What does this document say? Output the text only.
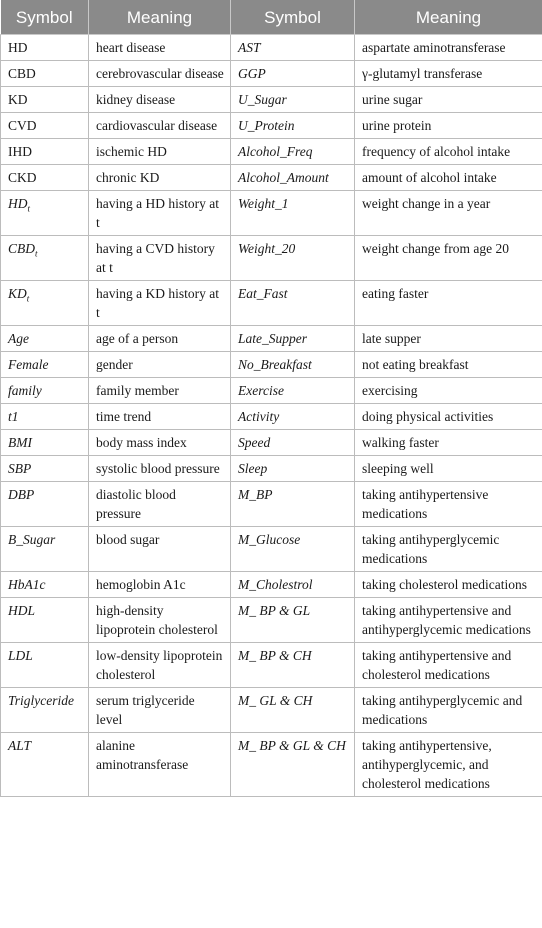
Symbol	Meaning	Symbol	Meaning
HD	heart disease	AST	aspartate aminotransferase
CBD	cerebrovascular disease	GGP	γ-glutamyl transferase
KD	kidney disease	U_Sugar	urine sugar
CVD	cardiovascular disease	U_Protein	urine protein
IHD	ischemic HD	Alcohol_Freq	frequency of alcohol intake
CKD	chronic KD	Alcohol_Amount	amount of alcohol intake
$HD_t$	having a HD history at t	Weight_1	weight change in a year
$CBD_t$	having a CVD history at t	Weight_20	weight change from age 20
$KD_t$	having a KD history at t	Eat_Fast	eating faster
Age	age of a person	Late_Supper	late supper
Female	gender	No_Breakfast	not eating breakfast
family	family member	Exercise	exercising
t1	time trend	Activity	doing physical activities
BMI	body mass index	Speed	walking faster
SBP	systolic blood pressure	Sleep	sleeping well
DBP	diastolic blood pressure	M_BP	taking antihypertensive medications
B_Sugar	blood sugar	M_Glucose	taking antihyperglycemic medications
HbA1c	hemoglobin A1c	M_Cholestrol	taking cholesterol medications
HDL	high-density lipoprotein cholesterol	M_ BP & GL	taking antihypertensive and antihyperglycemic medications
LDL	low-density lipoprotein cholesterol	M_ BP & CH	taking antihypertensive and cholesterol medications
Triglyceride	serum triglyceride level	M_ GL & CH	taking antihyperglycemic and medications
ALT	alanine aminotransferase	M_ BP & GL & CH	taking antihypertensive, antihyperglycemic, and cholesterol medications
